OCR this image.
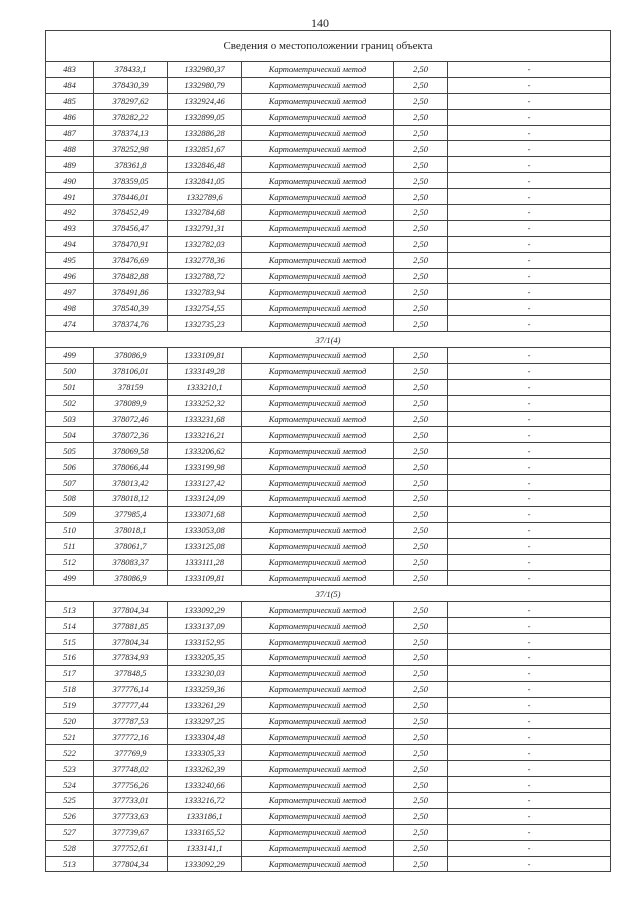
140
Сведения о местоположении границ объекта					
483	378433,1	1332980,37	Картометрический метод	2,50	-
484	378430,39	1332980,79	Картометрический метод	2,50	-
485	378297,62	1332924,46	Картометрический метод	2,50	-
486	378282,22	1332899,05	Картометрический метод	2,50	-
487	378374,13	1332886,28	Картометрический метод	2,50	-
488	378252,98	1332851,67	Картометрический метод	2,50	-
489	378361,8	1332846,48	Картометрический метод	2,50	-
490	378359,05	1332841,05	Картометрический метод	2,50	-
491	378446,01	1332789,6	Картометрический метод	2,50	-
492	378452,49	1332784,68	Картометрический метод	2,50	-
493	378456,47	1332791,31	Картометрический метод	2,50	-
494	378470,91	1332782,03	Картометрический метод	2,50	-
495	378476,69	1332778,36	Картометрический метод	2,50	-
496	378482,88	1332788,72	Картометрический метод	2,50	-
497	378491,86	1332783,94	Картометрический метод	2,50	-
498	378540,39	1332754,55	Картометрический метод	2,50	-
474	378374,76	1332735,23	Картометрический метод	2,50	-
37/1(4)					
499	378086,9	1333109,81	Картометрический метод	2,50	-
500	378106,01	1333149,28	Картометрический метод	2,50	-
501	378159	1333210,1	Картометрический метод	2,50	-
502	378089,9	1333252,32	Картометрический метод	2,50	-
503	378072,46	1333231,68	Картометрический метод	2,50	-
504	378072,36	1333216,21	Картометрический метод	2,50	-
505	378069,58	1333206,62	Картометрический метод	2,50	-
506	378066,44	1333199,98	Картометрический метод	2,50	-
507	378013,42	1333127,42	Картометрический метод	2,50	-
508	378018,12	1333124,09	Картометрический метод	2,50	-
509	377985,4	1333071,68	Картометрический метод	2,50	-
510	378018,1	1333053,08	Картометрический метод	2,50	-
511	378061,7	1333125,08	Картометрический метод	2,50	-
512	378083,37	1333111,28	Картометрический метод	2,50	-
499	378086,9	1333109,81	Картометрический метод	2,50	-
37/1(5)					
513	377804,34	1333092,29	Картометрический метод	2,50	-
514	377881,85	1333137,09	Картометрический метод	2,50	-
515	377804,34	1333152,95	Картометрический метод	2,50	-
516	377834,93	1333205,35	Картометрический метод	2,50	-
517	377848,5	1333230,03	Картометрический метод	2,50	-
518	377776,14	1333259,36	Картометрический метод	2,50	-
519	377777,44	1333261,29	Картометрический метод	2,50	-
520	377787,53	1333297,25	Картометрический метод	2,50	-
521	377772,16	1333304,48	Картометрический метод	2,50	-
522	377769,9	1333305,33	Картометрический метод	2,50	-
523	377748,02	1333262,39	Картометрический метод	2,50	-
524	377756,26	1333240,66	Картометрический метод	2,50	-
525	377733,01	1333216,72	Картометрический метод	2,50	-
526	377733,63	1333186,1	Картометрический метод	2,50	-
527	377739,67	1333165,52	Картометрический метод	2,50	-
528	377752,61	1333141,1	Картометрический метод	2,50	-
513	377804,34	1333092,29	Картометрический метод	2,50	-
